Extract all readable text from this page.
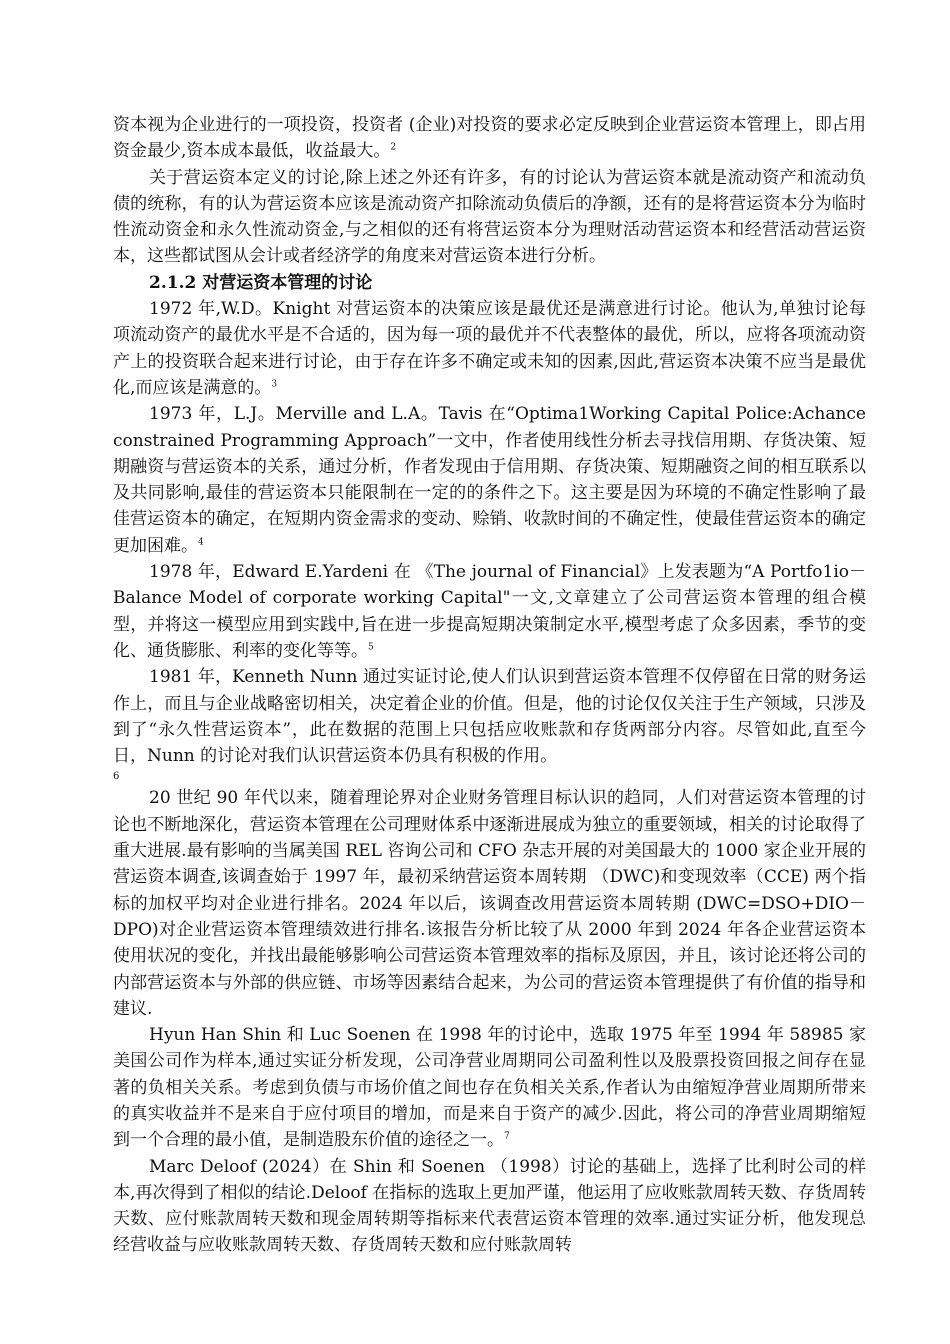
资本视为企业进行的一项投资，投资者 (企业)对投资的要求必定反映到企业营运资本管理上，即占用资金最少,资本成本最低，收益最大。$^2$

关于营运资本定义的讨论,除上述之外还有许多，有的讨论认为营运资本就是流动资产和流动负债的统称，有的认为营运资本应该是流动资产扣除流动负债后的净额，还有的是将营运资本分为临时性流动资金和永久性流动资金,与之相似的还有将营运资本分为理财活动营运资本和经营活动营运资本，这些都试图从会计或者经济学的角度来对营运资本进行分析。

2.1.2 对营运资本管理的讨论

1972 年,W.D。Knight 对营运资本的决策应该是最优还是满意进行讨论。他认为,单独讨论每项流动资产的最优水平是不合适的，因为每一项的最优并不代表整体的最优，所以，应将各项流动资产上的投资联合起来进行讨论，由于存在许多不确定或未知的因素,因此,营运资本决策不应当是最优化,而应该是满意的。$^3$

1973 年，L.J。Merville and L.A。Tavis 在“Optima1Working Capital Police:Achance constrained Programming Approach”一文中，作者使用线性分析去寻找信用期、存货决策、短期融资与营运资本的关系，通过分析，作者发现由于信用期、存货决策、短期融资之间的相互联系以及共同影响,最佳的营运资本只能限制在一定的的条件之下。这主要是因为环境的不确定性影响了最佳营运资本的确定，在短期内资金需求的变动、赊销、收款时间的不确定性，使最佳营运资本的确定更加困难。$^4$

1978 年，Edward E.Yardeni 在 《The journal of Financial》上发表题为“A Portfo1io－Balance Model of corporate working Capital"一文,文章建立了公司营运资本管理的组合模型，并将这一模型应用到实践中,旨在进一步提高短期决策制定水平,模型考虑了众多因素，季节的变化、通货膨胀、利率的变化等等。$^5$

1981 年，Kenneth Nunn 通过实证讨论,使人们认识到营运资本管理不仅停留在日常的财务运作上，而且与企业战略密切相关，决定着企业的价值。但是，他的讨论仅仅关注于生产领域，只涉及到了“永久性营运资本”，此在数据的范围上只包括应收账款和存货两部分内容。尽管如此,直至今日，Nunn 的讨论对我们认识营运资本仍具有积极的作用。

6

20 世纪 90 年代以来，随着理论界对企业财务管理目标认识的趋同，人们对营运资本管理的讨论也不断地深化，营运资本管理在公司理财体系中逐渐进展成为独立的重要领域，相关的讨论取得了重大进展.最有影响的当属美国 REL 咨询公司和 CFO 杂志开展的对美国最大的 1000 家企业开展的营运资本调查,该调查始于 1997 年，最初采纳营运资本周转期 （DWC)和变现效率（CCE) 两个指标的加权平均对企业进行排名。2024 年以后，该调查改用营运资本周转期 (DWC=DSO+DIO－DPO)对企业营运资本管理绩效进行排名.该报告分析比较了从 2000 年到 2024 年各企业营运资本使用状况的变化，并找出最能够影响公司营运资本管理效率的指标及原因，并且，该讨论还将公司的内部营运资本与外部的供应链、市场等因素结合起来，为公司的营运资本管理提供了有价值的指导和建议.

Hyun Han Shin 和 Luc Soenen 在 1998 年的讨论中，选取 1975 年至 1994 年 58985 家美国公司作为样本,通过实证分析发现，公司净营业周期同公司盈利性以及股票投资回报之间存在显著的负相关关系。考虑到负债与市场价值之间也存在负相关关系,作者认为由缩短净营业周期所带来的真实收益并不是来自于应付项目的增加，而是来自于资产的减少.因此，将公司的净营业周期缩短到一个合理的最小值，是制造股东价值的途径之一。$^7$

Marc Deloof (2024）在 Shin 和 Soenen （1998）讨论的基础上，选择了比利时公司的样本,再次得到了相似的结论.Deloof 在指标的选取上更加严谨，他运用了应收账款周转天数、存货周转天数、应付账款周转天数和现金周转期等指标来代表营运资本管理的效率.通过实证分析，他发现总经营收益与应收账款周转天数、存货周转天数和应付账款周转
